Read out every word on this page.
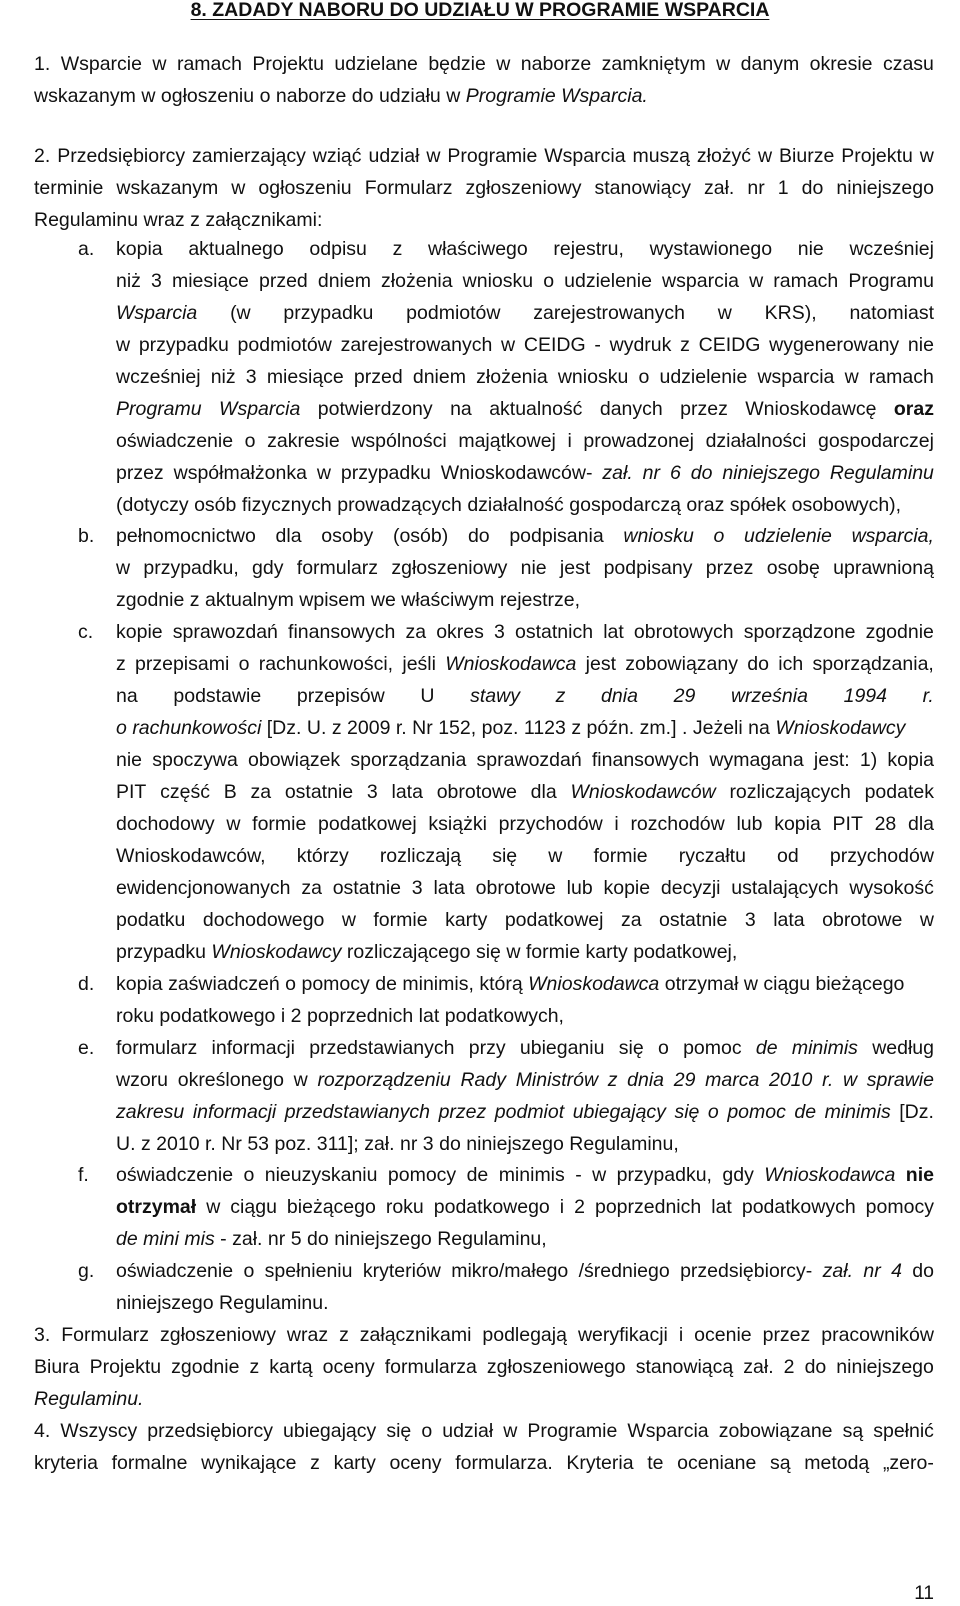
8. ZADADY NABORU DO UDZIAŁU W PROGRAMIE WSPARCIA
1. Wsparcie w ramach Projektu udzielane będzie w naborze zamkniętym w danym okresie czasu
wskazanym w ogłoszeniu o naborze do udziału w Programie Wsparcia.
2. Przedsiębiorcy zamierzający wziąć udział w Programie Wsparcia muszą złożyć w Biurze Projektu w
terminie wskazanym w ogłoszeniu Formularz zgłoszeniowy stanowiący zał. nr 1 do niniejszego
Regulaminu wraz z załącznikami:
a. kopia aktualnego odpisu z właściwego rejestru, wystawionego nie wcześniej
niż 3 miesiące przed dniem złożenia wniosku o udzielenie wsparcia w ramach Programu
Wsparcia (w przypadku podmiotów zarejestrowanych w KRS), natomiast
w przypadku podmiotów zarejestrowanych w CEIDG - wydruk z CEIDG wygenerowany nie
wcześniej niż 3 miesiące przed dniem złożenia wniosku o udzielenie wsparcia w ramach
Programu Wsparcia potwierdzony na aktualność danych przez Wnioskodawcę oraz
oświadczenie o zakresie wspólności majątkowej i prowadzonej działalności gospodarczej
przez współmałżonka w przypadku Wnioskodawców- zał. nr 6 do niniejszego Regulaminu
(dotyczy osób fizycznych prowadzących działalność gospodarczą oraz spółek osobowych),
b. pełnomocnictwo dla osoby (osób) do podpisania wniosku o udzielenie wsparcia,
w przypadku, gdy formularz zgłoszeniowy nie jest podpisany przez osobę uprawnioną
zgodnie z aktualnym wpisem we właściwym rejestrze,
c. kopie sprawozdań finansowych za okres 3 ostatnich lat obrotowych sporządzone zgodnie
z przepisami o rachunkowości, jeśli Wnioskodawca jest zobowiązany do ich sporządzania,
na podstawie przepisów U stawy z dnia 29 września 1994 r.
o rachunkowości [Dz. U. z 2009 r. Nr 152, poz. 1123 z późn. zm.] . Jeżeli na Wnioskodawcy
nie spoczywa obowiązek sporządzania sprawozdań finansowych wymagana jest: 1) kopia
PIT część B za ostatnie 3 lata obrotowe dla Wnioskodawców rozliczających podatek
dochodowy w formie podatkowej książki przychodów i rozchodów lub kopia PIT 28 dla
Wnioskodawców, którzy rozliczają się w formie ryczałtu od przychodów
ewidencjonowanych za ostatnie 3 lata obrotowe lub kopie decyzji ustalających wysokość
podatku dochodowego w formie karty podatkowej za ostatnie 3 lata obrotowe w
przypadku Wnioskodawcy rozliczającego się w formie karty podatkowej,
d. kopia zaświadczeń o pomocy de minimis, którą Wnioskodawca otrzymał w ciągu bieżącego
roku podatkowego i 2 poprzednich lat podatkowych,
e. formularz informacji przedstawianych przy ubieganiu się o pomoc de minimis według
wzoru określonego w rozporządzeniu Rady Ministrów z dnia 29 marca 2010 r. w sprawie
zakresu informacji przedstawianych przez podmiot ubiegający się o pomoc de minimis [Dz.
U. z 2010 r. Nr 53 poz. 311]; zał. nr 3 do niniejszego Regulaminu,
f. oświadczenie o nieuzyskaniu pomocy de minimis - w przypadku, gdy Wnioskodawca nie
otrzymał w ciągu bieżącego roku podatkowego i 2 poprzednich lat podatkowych pomocy
de mini mis - zał. nr 5 do niniejszego Regulaminu,
g. oświadczenie o spełnieniu kryteriów mikro/małego /średniego przedsiębiorcy- zał. nr 4 do
niniejszego Regulaminu.
3. Formularz zgłoszeniowy wraz z załącznikami podlegają weryfikacji i ocenie przez pracowników
Biura Projektu zgodnie z kartą oceny formularza zgłoszeniowego stanowiącą zał. 2 do niniejszego
Regulaminu.
4. Wszyscy przedsiębiorcy ubiegający się o udział w Programie Wsparcia zobowiązane są spełnić
kryteria formalne wynikające z karty oceny formularza. Kryteria te oceniane są metodą „zero-
11
